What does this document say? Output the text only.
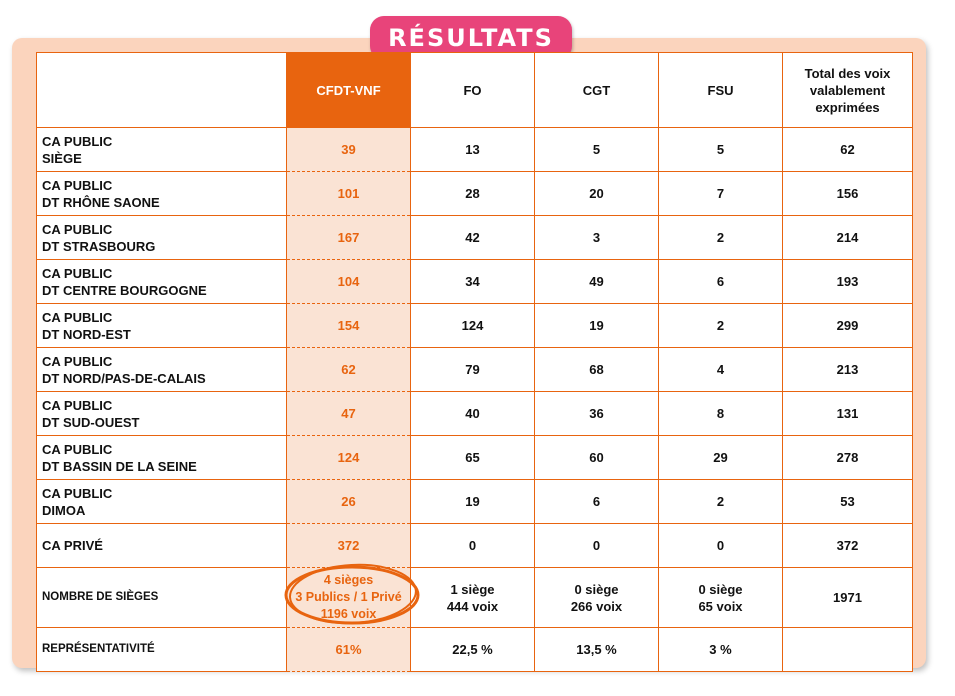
RÉSULTATS
	CFDT-VNF	FO	CGT	FSU	Total des voix
valablement
exprimées

CA PUBLIC
SIÈGE	39	13	5	5	62

CA PUBLIC
DT RHÔNE SAONE	101	28	20	7	156

CA PUBLIC
DT STRASBOURG	167	42	3	2	214

CA PUBLIC
DT CENTRE BOURGOGNE	104	34	49	6	193

CA PUBLIC
DT NORD-EST	154	124	19	2	299

CA PUBLIC
DT NORD/PAS-DE-CALAIS	62	79	68	4	213

CA PUBLIC
DT SUD-OUEST	47	40	36	8	131

CA PUBLIC
DT BASSIN DE LA SEINE	124	65	60	29	278

CA PUBLIC
DIMOA	26	19	6	2	53

CA PRIVÉ	372	0	0	0	372
NOMBRE DE SIÈGES	4 sièges
3 Publics / 1 Privé
1196 voix	1 siège
444 voix	0 siège
266 voix	0 siège
65 voix	1971
REPRÉSENTATIVITÉ	61%	22,5 %	13,5 %	3 %	
